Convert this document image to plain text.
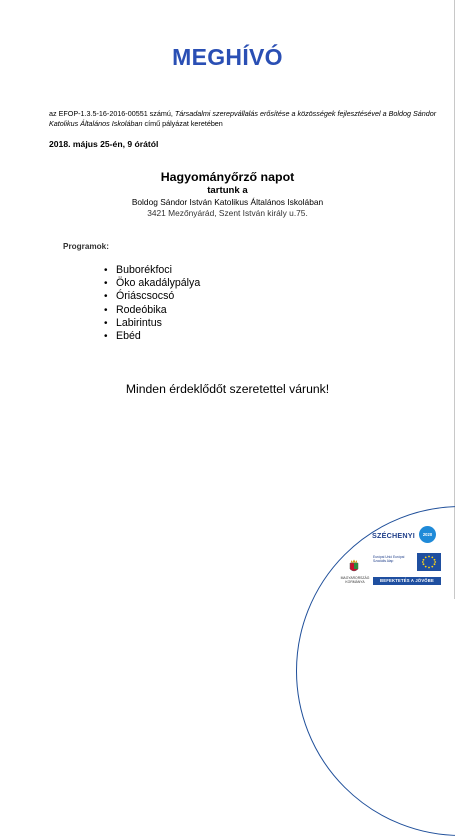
MEGHÍVÓ
az EFOP-1.3.5-16-2016-00551 számú, Társadalmi szerepvállalás erősítése a közösségek fejlesztésével a Boldog Sándor Katolikus Általános Iskolában című pályázat keretében
2018. május 25-én, 9 órától
Hagyományőrző napot
tartunk a
Boldog Sándor István Katolikus Általános Iskolában
3421 Mezőnyárád, Szent István király u.75.
Programok:
• Buborékfoci
• Öko akadálypálya
• Óriáscsocsó
• Rodeóbika
• Labirintus
• Ebéd
Minden érdeklődőt szeretettel várunk!
SZÉCHENYI	2020
MAGYARORSZÁG KORMÁNYA
Európai Unió Európai Szociális Alap
BEFEKTETÉS A JÖVŐBE
